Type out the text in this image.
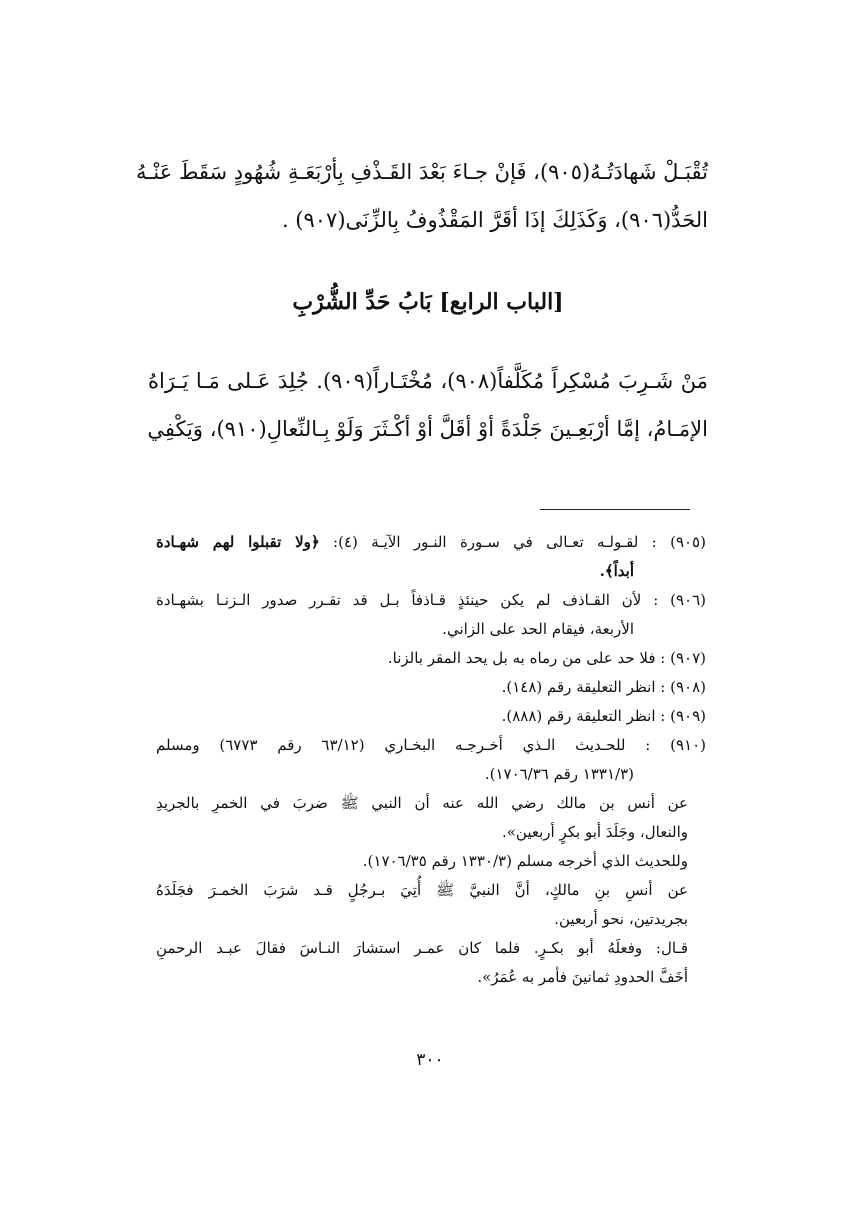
تُقْبَـلْ شَهادَتُـهُ(٩٠٥)، فَإنْ جـاءَ بَعْدَ القَـذْفِ بِأرْبَعَـةِ شُهُودٍ سَقَطَ عَنْـهُ
الحَدُّ(٩٠٦)، وَكَذَلِكَ إذَا أقَرَّ المَقْذُوفُ بِالزِّنَى(٩٠٧) .
[الباب الرابع] بَابُ حَدِّ الشُّرْبِ
مَنْ شَـرِبَ مُسْكِراً مُكَلَّفاً(٩٠٨)، مُخْتَـاراً(٩٠٩). جُلِدَ عَـلى مَـا يَـرَاهُ
الإمَـامُ، إمَّا أرْبَعِـينَ جَلْدَةً أوْ أقَلَّ أوْ أكْـثَرَ وَلَوْ بِـالنِّعالِ(٩١٠)، وَيَكْفِي
(٩٠٥) : لقـولـه تعـالى في سـورة النـور الآيـة (٤): ﴿ولا تقبلوا لهم شهـادة
أبداً﴾.
(٩٠٦) : لأن القـاذف لم يكن حينئذٍ قـاذفاً بـل قد تقـرر صدور الـزنـا بشهـادة
الأربعة، فيقام الحد على الزاني.
(٩٠٧) : فلا حد على من رماه به بل يحد المقر بالزنا.
(٩٠٨) : انظر التعليقة رقم (١٤٨).
(٩٠٩) : انظر التعليقة رقم (٨٨٨).
(٩١٠) : للحـديث الـذي أخـرجـه البخـاري (٦٣/١٢ رقم ٦٧٧٣) ومسلم
(١٣٣١/٣ رقم ١٧٠٦/٣٦).
عن أنس بن مالك رضي الله عنه أن النبي ﷺ ضربَ في الخمرِ بالجريدِ
والنعال، وجَلَدَ أبو بكرٍ أربعين».
وللحديث الذي أخرجه مسلم (١٣٣٠/٣ رقم ١٧٠٦/٣٥).
عن أنسِ بنِ مالكٍ، أنَّ النبيَّ ﷺ أُتِيَ بـرجُلٍ قـد شرَبَ الخمـرَ فجَلَدَهُ
بجريدتين، نحو أربعين.
قـال: وفعلَهُ أبو بكـرٍ. فلما كان عمـر استشارَ النـاسَ فقالَ عبـد الرحمنِ
أخَفَّ الحدودِ ثمانينَ فأمر به عُمَرُ».
٣٠٠
